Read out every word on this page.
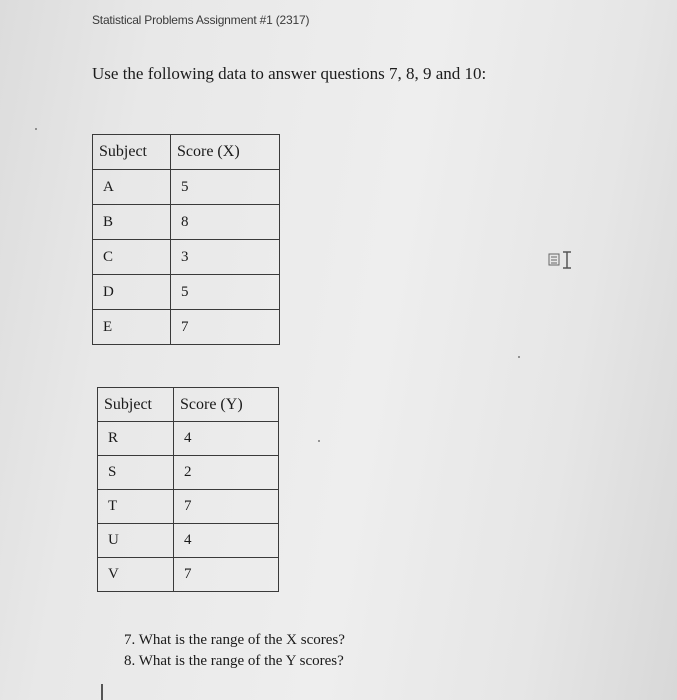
Statistical Problems Assignment #1 (2317)
Use the following data to answer questions 7, 8, 9 and 10:
Subject	Score (X)
A	5
B	8
C	3
D	5
E	7
Subject	Score (Y)
R	4
S	2
T	7
U	4
V	7
7. What is the range of the X scores?
8. What is the range of the Y scores?
